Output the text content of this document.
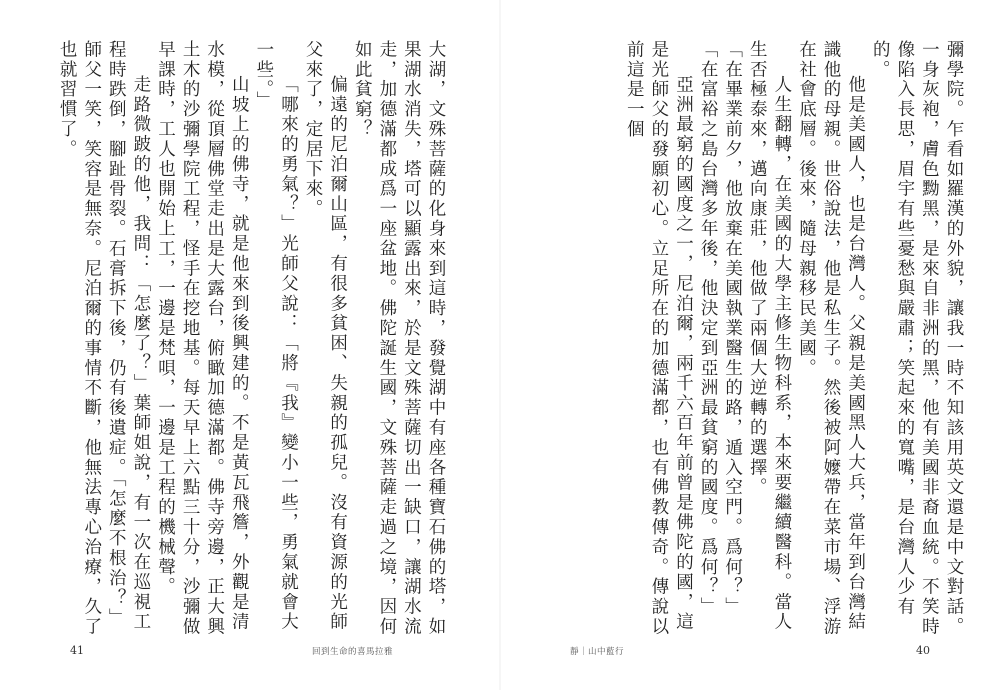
大湖，文殊菩薩的化身來到這時，發覺湖中有座各種寶石佛的塔，如果湖水消失，塔可以顯露出來，於是文殊菩薩切出一缺口，讓湖水流走，加德滿都成爲一座盆地。佛陀誕生國，文殊菩薩走過之境，因何如此貧窮？
偏遠的尼泊爾山區，有很多貧困、失親的孤兒。沒有資源的光師父來了，定居下來。
「哪來的勇氣？」光師父說：「將『我』變小一些，勇氣就會大一些。」
山坡上的佛寺，就是他來到後興建的。不是黃瓦飛簷，外觀是清水模，從頂層佛堂走出是大露台，俯瞰加德滿都。佛寺旁邊，正大興土木的沙彌學院工程，怪手在挖地基。每天早上六點三十分，沙彌做早課時，工人也開始上工，一邊是梵唄，一邊是工程的機械聲。
走路微跛的他，我問：「怎麼了？」葉師姐說，有一次在巡視工程時跌倒，腳趾骨裂。石膏拆下後，仍有後遺症。「怎麼不根治？」師父一笑，笑容是無奈。尼泊爾的事情不斷，他無法專心治療，久了也就習慣了。
41	回到生命的喜馬拉雅
彌學院。乍看如羅漢的外貌，讓我一時不知該用英文還是中文對話。一身灰袍，膚色黝黑，是來自非洲的黑，他有美國非裔血統。不笑時像陷入長思，眉宇有些憂愁與嚴肅；笑起來的寬嘴，是台灣人少有的。
他是美國人，也是台灣人。父親是美國黑人大兵，當年到台灣結識他的母親。世俗說法，他是私生子。然後被阿嬤帶在菜市場、浮游在社會底層。後來，隨母親移民美國。
人生翻轉，在美國的大學主修生物科系，本來要繼續醫科。當人生否極泰來，邁向康莊，他做了兩個大逆轉的選擇。
「在畢業前夕，他放棄在美國執業醫生的路，遁入空門。爲何？」
「在富裕之島台灣多年後，他決定到亞洲最貧窮的國度。爲何？」
亞洲最窮的國度之一，尼泊爾，兩千六百年前曾是佛陀的國，這是光師父的發願初心。立足所在的加德滿都，也有佛教傳奇。傳說以前這是一個
靜｜山中藍行	40
